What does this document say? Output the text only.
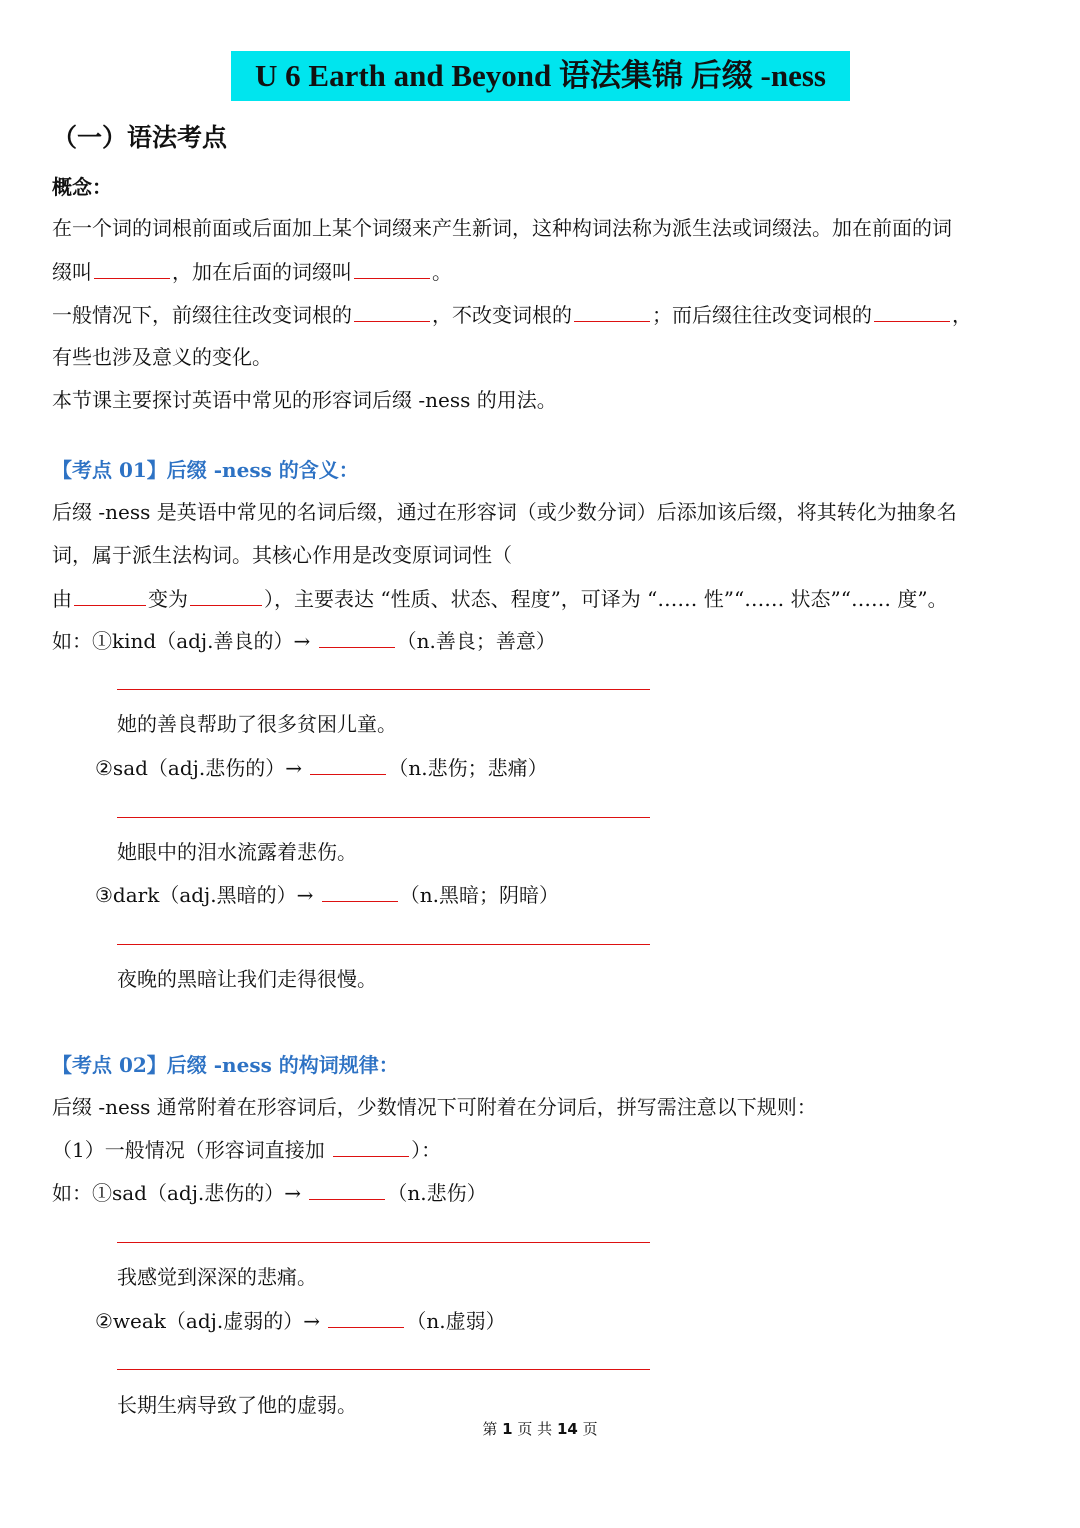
U 6 Earth and Beyond 语法集锦 后缀 -ness
（一）语法考点
概念：
在一个词的词根前面或后面加上某个词缀来产生新词，这种构词法称为派生法或词缀法。加在前面的词
缀叫	，加在后面的词缀叫	。
一般情况下，前缀往往改变词根的	，不改变词根的	；而后缀往往改变词根的	，
有些也涉及意义的变化。
本节课主要探讨英语中常见的形容词后缀 -ness 的用法。
【考点 01】后缀 -ness 的含义：
后缀 -ness 是英语中常见的名词后缀，通过在形容词（或少数分词）后添加该后缀，将其转化为抽象名
词，属于派生法构词。其核心作用是改变原词词性（
由	变为	），主要表达 “性质、状态、程度”，可译为 “…… 性”“…… 状态”“…… 度”。
如：①kind（adj.善良的）→	（n.善良；善意）
她的善良帮助了很多贫困儿童。
②sad（adj.悲伤的）→	（n.悲伤；悲痛）
她眼中的泪水流露着悲伤。
③dark（adj.黑暗的）→	（n.黑暗；阴暗）
夜晚的黑暗让我们走得很慢。
【考点 02】后缀 -ness 的构词规律：
后缀 -ness 通常附着在形容词后，少数情况下可附着在分词后，拼写需注意以下规则：
（1）一般情况（形容词直接加	）：
如：①sad（adj.悲伤的）→	（n.悲伤）
我感觉到深深的悲痛。
②weak（adj.虚弱的）→	（n.虚弱）
长期生病导致了他的虚弱。
第 1 页 共 14 页
